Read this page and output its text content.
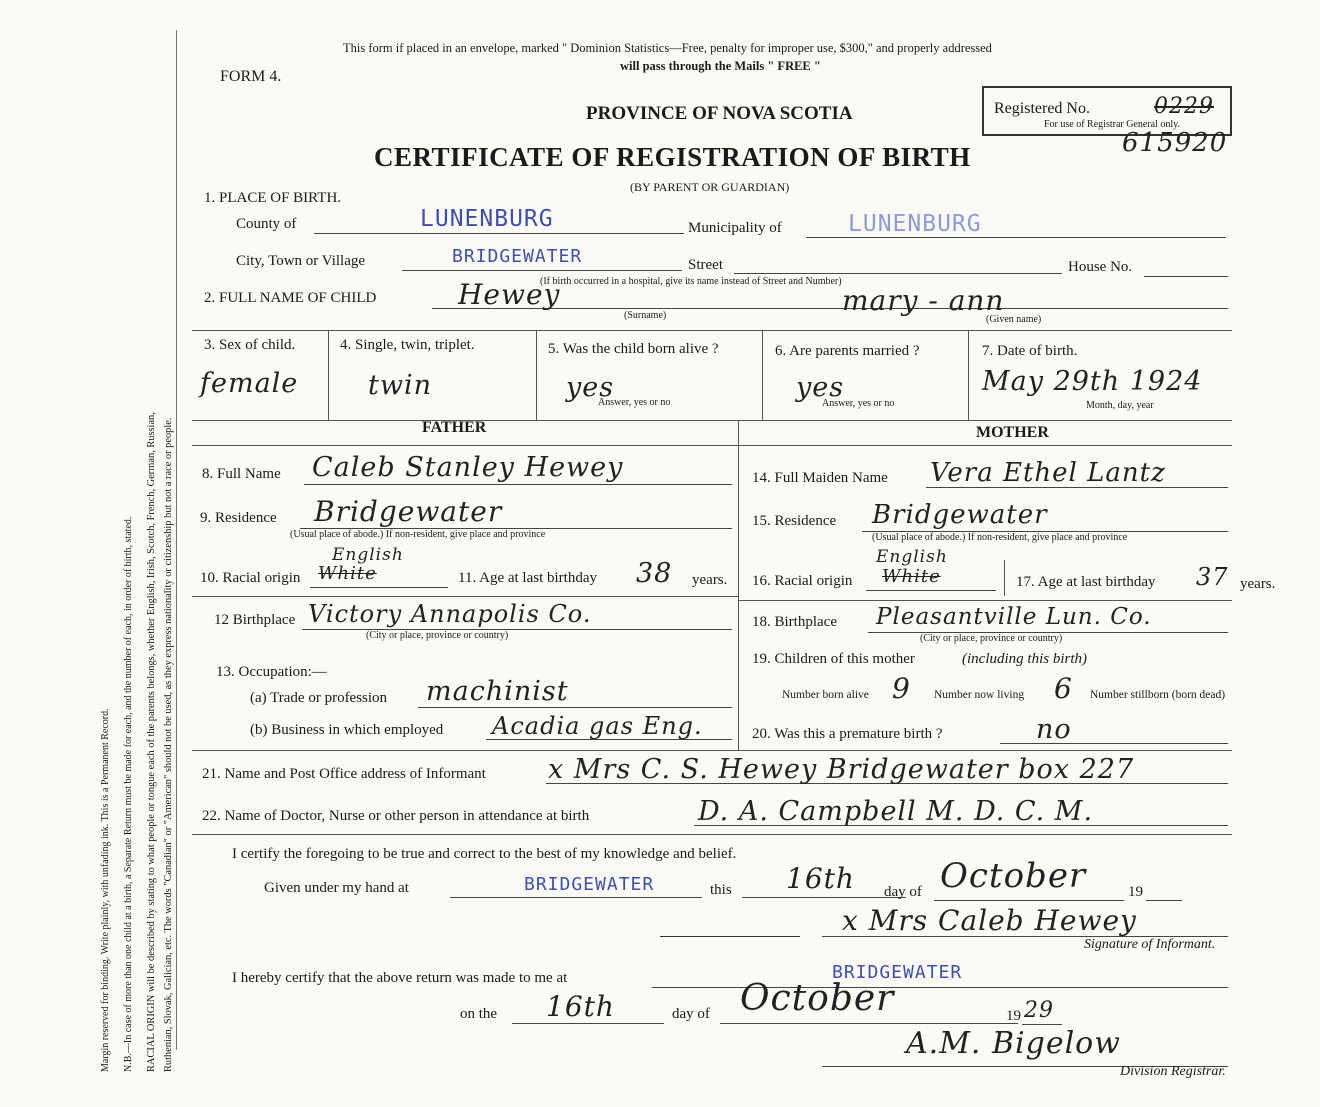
Margin reserved for binding. Write plainly, with unfading ink. This is a Permanent Record. N.B.—In case of more than one child at a birth, a Separate Return must be made for each, and the number of each, in order of birth, stated. RACIAL ORIGIN will be described by stating to what people or tongue each of the parents belongs, whether English, Irish, Scotch, French, German, Russian, Ruthenian, Slovak, Galician, etc. The words "Canadian" or "American" should not be used, as they express nationality or citizenship but not a race or people.
This form if placed in an envelope, marked " Dominion Statistics—Free, penalty for improper use, $300," and properly addressed
will pass through the Mails " FREE "
FORM 4.
PROVINCE OF NOVA SCOTIA
CERTIFICATE OF REGISTRATION OF BIRTH
(BY PARENT OR GUARDIAN)
Registered No.
For use of Registrar General only.
0229
615920
1. PLACE OF BIRTH.
County of	LUNENBURG	Municipality of	LUNENBURG
City, Town or Village	BRIDGEWATER	Street	House No.
(If birth occurred in a hospital, give its name instead of Street and Number)
2. FULL NAME OF CHILD	Hewey
(Surname)	mary - ann
(Given name)
3. Sex of child.
female
4. Single, twin, triplet.
twin
5. Was the child born alive ?
yes
Answer, yes or no
6. Are parents married ?
yes
Answer, yes or no
7. Date of birth.
May 29th 1924
Month, day, year
FATHER	MOTHER
8. Full Name Caleb Stanley Hewey
9. Residence Bridgewater
(Usual place of abode.) If non-resident, give place and province
10. Racial origin White
English
11. Age at last birthday 38 years.
12 Birthplace Victory Annapolis Co.
(City or place, province or country)
13. Occupation:—
(a) Trade or profession machinist
(b) Business in which employed Acadia gas Eng.
14. Full Maiden Name Vera Ethel Lantz
15. Residence Bridgewater
(Usual place of abode.) If non-resident, give place and province
16. Racial origin White
English
17. Age at last birthday 37 years.
18. Birthplace Pleasantville Lun. Co.
(City or place, province or country)
19. Children of this mother	(including this birth)
Number born alive 9 Number now living 6 Number stillborn (born dead)
20. Was this a premature birth ?	no
21. Name and Post Office address of Informant x Mrs C. S. Hewey Bridgewater box 227
22. Name of Doctor, Nurse or other person in attendance at birth	D. A. Campbell M. D. C. M.
I certify the foregoing to be true and correct to the best of my knowledge and belief.
Given under my hand at	BRIDGEWATER	this 16th day of October	19
x Mrs Caleb Hewey
Signature of Informant.
I hereby certify that the above return was made to me at	BRIDGEWATER
on the 16th	day of October	19 29
A.M. Bigelow
Division Registrar.
